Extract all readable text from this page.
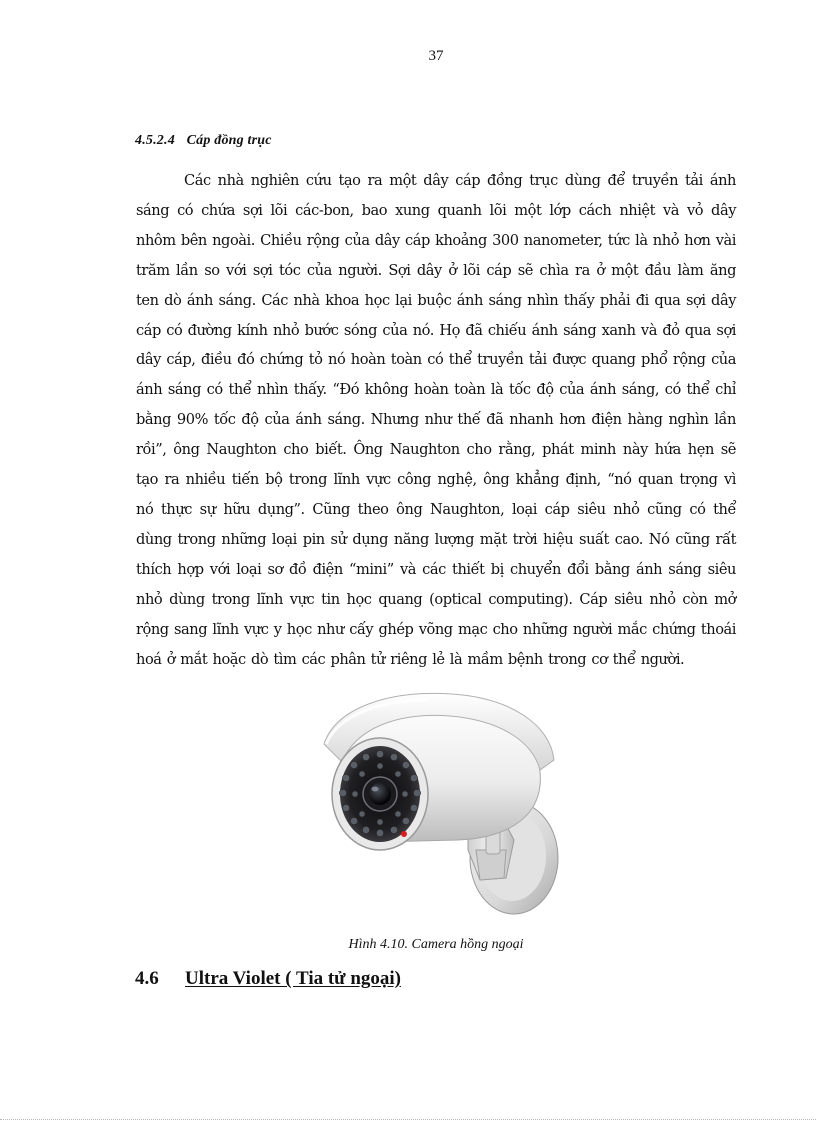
37
4.5.2.4 Cáp đồng trục

Các nhà nghiên cứu tạo ra một dây cáp đồng trục dùng để truyền tải ánh sáng có chứa sợi lõi các-bon, bao xung quanh lõi một lớp cách nhiệt và vỏ dây nhôm bên ngoài. Chiều rộng của dây cáp khoảng 300 nanometer, tức là nhỏ hơn vài trăm lần so với sợi tóc của người. Sợi dây ở lõi cáp sẽ chìa ra ở một đầu làm ăng ten dò ánh sáng. Các nhà khoa học lại buộc ánh sáng nhìn thấy phải đi qua sợi dây cáp có đường kính nhỏ bước sóng của nó. Họ đã chiếu ánh sáng xanh và đỏ qua sợi dây cáp, điều đó chứng tỏ nó hoàn toàn có thể truyền tải được quang phổ rộng của ánh sáng có thể nhìn thấy. “Đó không hoàn toàn là tốc độ của ánh sáng, có thể chỉ bằng 90% tốc độ của ánh sáng. Nhưng như thế đã nhanh hơn điện hàng nghìn lần rồi”, ông Naughton cho biết. Ông Naughton cho rằng, phát minh này hứa hẹn sẽ tạo ra nhiều tiến bộ trong lĩnh vực công nghệ, ông khẳng định, “nó quan trọng vì nó thực sự hữu dụng”. Cũng theo ông Naughton, loại cáp siêu nhỏ cũng có thể dùng trong những loại pin sử dụng năng lượng mặt trời hiệu suất cao. Nó cũng rất thích hợp với loại sơ đồ điện “mini” và các thiết bị chuyển đổi bằng ánh sáng siêu nhỏ dùng trong lĩnh vực tin học quang (optical computing). Cáp siêu nhỏ còn mở rộng sang lĩnh vực y học như cấy ghép võng mạc cho những người mắc chứng thoái hoá ở mắt hoặc dò tìm các phân tử riêng lẻ là mầm bệnh trong cơ thể người.

Hình 4.10. Camera hồng ngoại
4.6 Ultra Violet ( Tia tử ngoại)
